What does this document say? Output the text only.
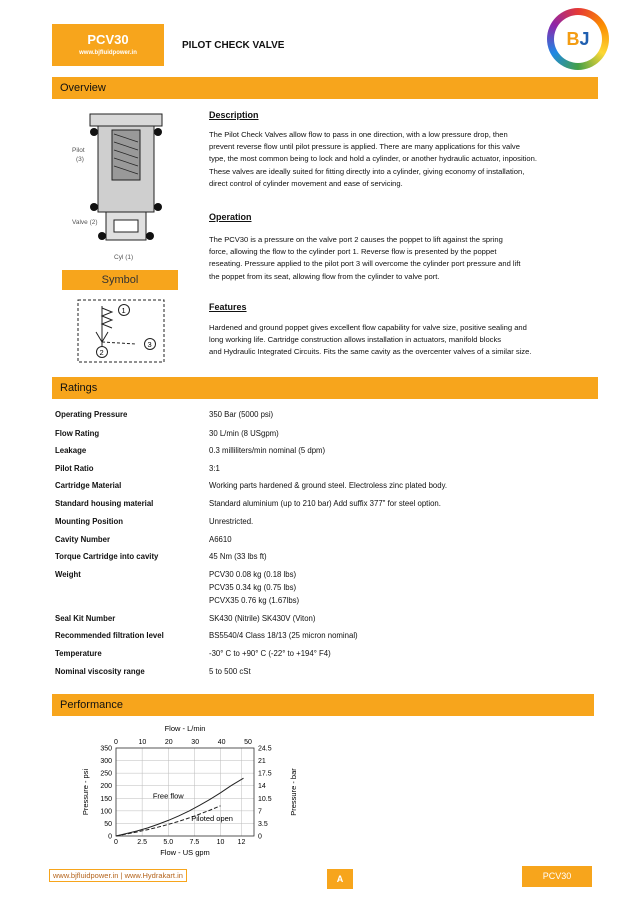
PCV30
www.bjfluidpower.in
PILOT CHECK VALVE	BJ
Overview
Pilot
(3)
Valve (2)
Cyl (1)
Symbol
1
2
3
Description
The Pilot Check Valves allow flow to pass in one direction, with a low pressure drop, then
prevent reverse flow until pilot pressure is applied. There are many applications for this valve
type, the most common being to lock and hold a cylinder, or another hydraulic actuator, inposition.
These valves are ideally suited for fitting directly into a cylinder, giving economy of installation,
direct control of cylinder movement and ease of servicing.
Operation
The PCV30 is a pressure on the valve port 2 causes the poppet to lift against the spring
force, allowing the flow to the cylinder port 1. Reverse flow is presented by the poppet
reseating. Pressure applied to the pilot port 3 will overcome the cylinder port pressure and lift
the poppet from its seat, allowing flow from the cylinder to valve port.
Features
Hardened and ground poppet gives excellent flow capability for valve size, positive sealing and
long working life. Cartridge construction allows installation in actuators, manifold blocks
and Hydraulic Integrated Circuits. Fits the same cavity as the overcenter valves of a similar size.
Ratings
Operating Pressure	350 Bar (5000 psi)
Flow Rating	30 L/min (8 USgpm)
Leakage	0.3 milliliters/min nominal (5 dpm)
Pilot Ratio	3:1
Cartridge Material	Working parts hardened & ground steel. Electroless zinc plated body.
Standard housing material	Standard aluminium (up to 210 bar) Add suffix 377" for steel option.
Mounting Position	Unrestricted.
Cavity Number	A6610
Torque Cartridge into cavity	45 Nm (33 lbs ft)
Weight	PCV30 0.08 kg (0.18 lbs)
PCV35 0.34 kg (0.75 lbs)
PCVX35 0.76 kg (1.67lbs)
Seal Kit Number	SK430 (Nitrile) SK430V (Viton)
Recommended filtration level	BS5540/4 Class 18/13 (25 micron nominal)
Temperature	-30° C to +90° C (-22° to +194° F4)
Nominal viscosity range	5 to 500 cSt
Performance
0	2.5 5.0 7.5 10 12
0	10	20	30	40	50
0
50
100
150
200
250
300
350
0
3.5
7
10.5
14
17.5
21
24.5
Flow - L/min
Flow - US gpm
Pressure - psi	Pressure - bar
Free flow
Piloted open
www.bjfluidpower.in | www.Hydrakart.in	A	PCV30
